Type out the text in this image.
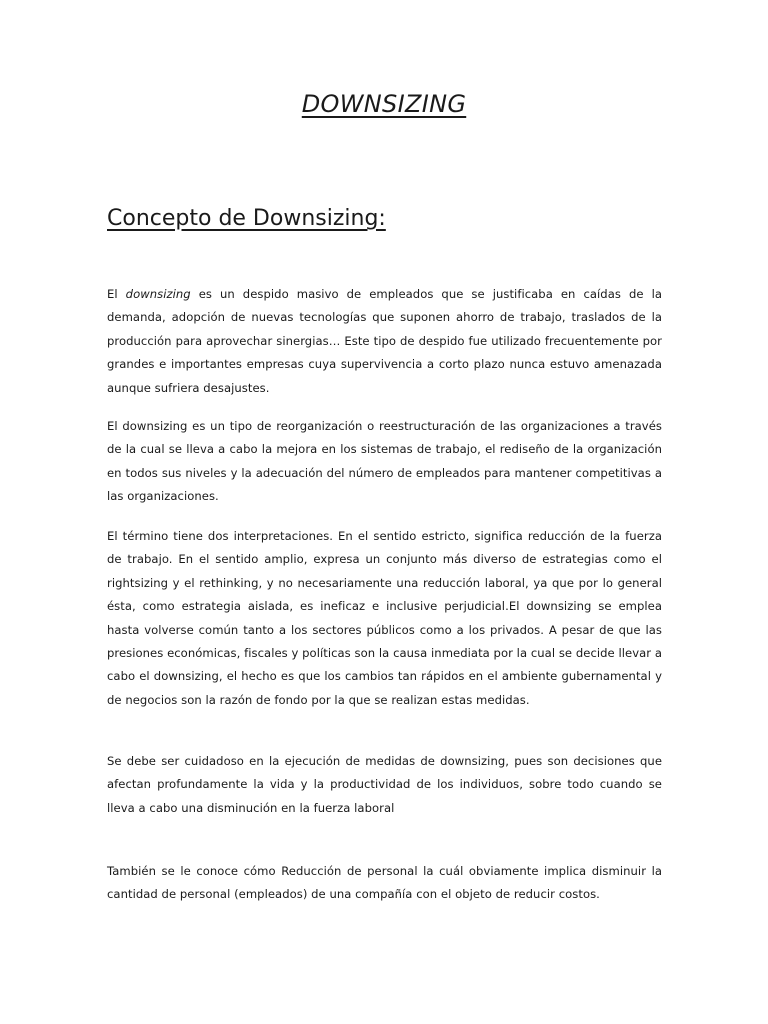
DOWNSIZING
Concepto de Downsizing:

El downsizing es un despido masivo de empleados que se justificaba en caídas de la demanda, adopción de nuevas tecnologías que suponen ahorro de trabajo, traslados de la producción para aprovechar sinergias… Este tipo de despido fue utilizado frecuentemente por grandes e importantes empresas cuya supervivencia a corto plazo nunca estuvo amenazada aunque sufriera desajustes.

El downsizing es un tipo de reorganización o reestructuración de las organizaciones a través de la cual se lleva a cabo la mejora en los sistemas de trabajo, el rediseño de la organización en todos sus niveles y la adecuación del número de empleados para mantener competitivas a las organizaciones.

El término tiene dos interpretaciones. En el sentido estricto, significa reducción de la fuerza de trabajo. En el sentido amplio, expresa un conjunto más diverso de estrategias como el rightsizing y el rethinking, y no necesariamente una reducción laboral, ya que por lo general ésta, como estrategia aislada, es ineficaz e inclusive perjudicial.El downsizing se emplea hasta volverse común tanto a los sectores públicos como a los privados. A pesar de que las presiones económicas, fiscales y políticas son la causa inmediata por la cual se decide llevar a cabo el downsizing, el hecho es que los cambios tan rápidos en el ambiente gubernamental y de negocios son la razón de fondo por la que se realizan estas medidas.

Se debe ser cuidadoso en la ejecución de medidas de downsizing, pues son decisiones que afectan profundamente la vida y la productividad de los individuos, sobre todo cuando se lleva a cabo una disminución en la fuerza laboral

También se le conoce cómo Reducción de personal la cuál obviamente implica disminuir la cantidad de personal (empleados) de una compañía con el objeto de reducir costos.
